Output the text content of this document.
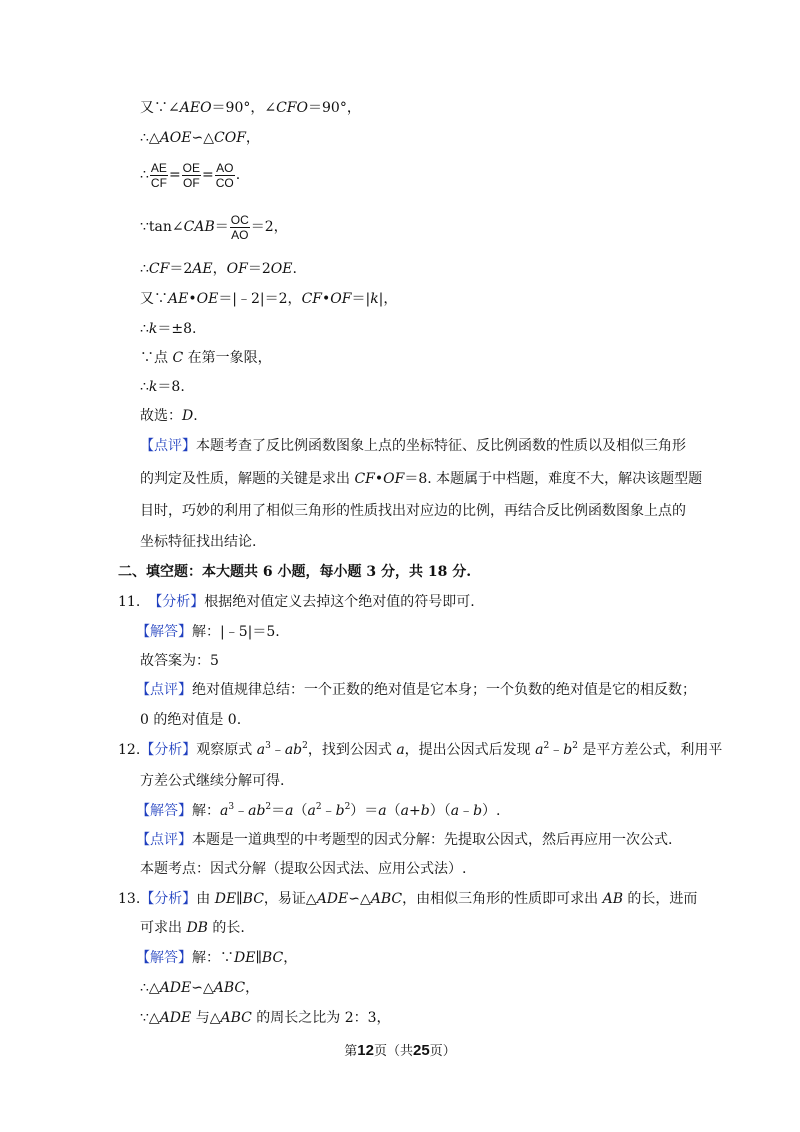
又∵∠AEO＝90°，∠CFO＝90°，
∴△AOE∽△COF，
∴ $\frac{AE}{CF} = \frac{OE}{OF} = \frac{AO}{CO}$ .
∵tan∠CAB＝ $\frac{OC}{AO} =2$，
∴CF＝2AE，OF＝2OE.
又∵AE•OE＝|﹣2|＝2，CF•OF＝|k|，
∴k＝±8.
∵点 C 在第一象限，
∴k＝8.
故选：D.
【点评】本题考查了反比例函数图象上点的坐标特征、反比例函数的性质以及相似三角形
的判定及性质，解题的关键是求出 CF•OF＝8. 本题属于中档题，难度不大，解决该题型题
目时，巧妙的利用了相似三角形的性质找出对应边的比例，再结合反比例函数图象上点的
坐标特征找出结论.
二、填空题：本大题共 6 小题，每小题 3 分，共 18 分.
11. 【分析】根据绝对值定义去掉这个绝对值的符号即可.
【解答】解：|﹣5|＝5.
故答案为：5
【点评】绝对值规律总结：一个正数的绝对值是它本身；一个负数的绝对值是它的相反数；
0 的绝对值是 0.
12.【分析】观察原式 $a^3﹣ab^2$，找到公因式 a，提出公因式后发现 $a^2﹣b^2$ 是平方差公式，利用平
方差公式继续分解可得.
【解答】解：$a^3﹣ab^2=a(a^2﹣b^2)=a(a+b)(a﹣b)$.
【点评】本题是一道典型的中考题型的因式分解：先提取公因式，然后再应用一次公式.
本题考点：因式分解（提取公因式法、应用公式法）.
13.【分析】由 DE∥BC，易证△ADE∽△ABC，由相似三角形的性质即可求出 AB 的长，进而
可求出 DB 的长.
【解答】解：∵DE∥BC，
∴△ADE∽△ABC，
∵△ADE 与△ABC 的周长之比为 2：3，
第12页（共25页）
